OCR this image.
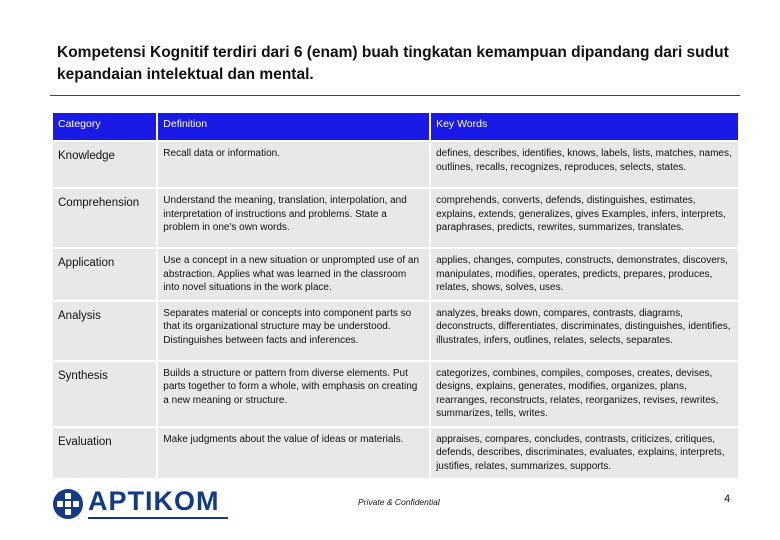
Kompetensi Kognitif terdiri dari 6 (enam) buah tingkatan kemampuan dipandang dari sudut kepandaian intelektual dan mental.
Category	Definition	Key Words
Knowledge	Recall data or information.	defines, describes, identifies, knows, labels, lists, matches, names, outlines, recalls, recognizes, reproduces, selects, states.
Comprehension	Understand the meaning, translation, interpolation, and interpretation of instructions and problems. State a problem in one's own words.	comprehends, converts, defends, distinguishes, estimates, explains, extends, generalizes, gives Examples, infers, interprets, paraphrases, predicts, rewrites, summarizes, translates.
Application	Use a concept in a new situation or unprompted use of an abstraction. Applies what was learned in the classroom into novel situations in the work place.	applies, changes, computes, constructs, demonstrates, discovers, manipulates, modifies, operates, predicts, prepares, produces, relates, shows, solves, uses.
Analysis	Separates material or concepts into component parts so that its organizational structure may be understood. Distinguishes between facts and inferences.	analyzes, breaks down, compares, contrasts, diagrams, deconstructs, differentiates, discriminates, distinguishes, identifies, illustrates, infers, outlines, relates, selects, separates.
Synthesis	Builds a structure or pattern from diverse elements. Put parts together to form a whole, with emphasis on creating a new meaning or structure.	categorizes, combines, compiles, composes, creates, devises, designs, explains, generates, modifies, organizes, plans, rearranges, reconstructs, relates, reorganizes, revises, rewrites, summarizes, tells, writes.
Evaluation	Make judgments about the value of ideas or materials.	appraises, compares, concludes, contrasts, criticizes, critiques, defends, describes, discriminates, evaluates, explains, interprets, justifies, relates, summarizes, supports.
APTIKOM	Private & Confidential	4
